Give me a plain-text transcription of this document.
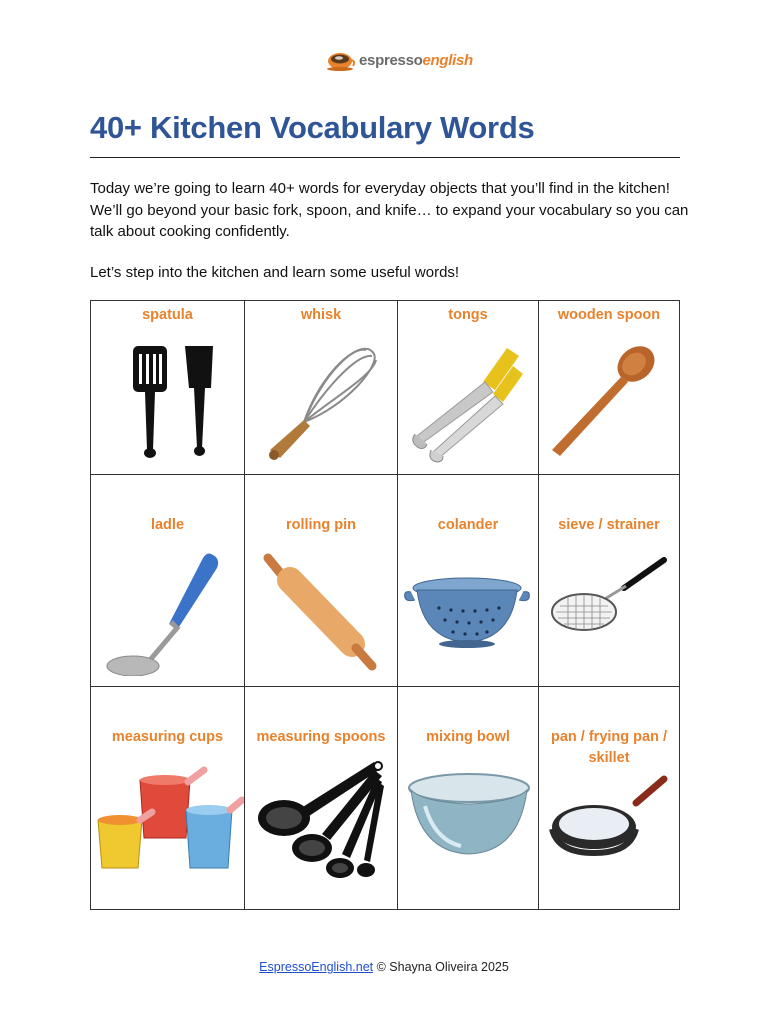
espressoenglish
40+ Kitchen Vocabulary Words

Today we’re going to learn 40+ words for everyday objects that you’ll find in the kitchen! We’ll go beyond your basic fork, spoon, and knife… to expand your vocabulary so you can talk about cooking confidently.

Let’s step into the kitchen and learn some useful words!

spatula	whisk	tongs	wooden spoon

ladle	rolling pin	colander	sieve / strainer

measuring cups	measuring spoons	mixing bowl	pan / frying pan / skillet
EspressoEnglish.net © Shayna Oliveira 2025
